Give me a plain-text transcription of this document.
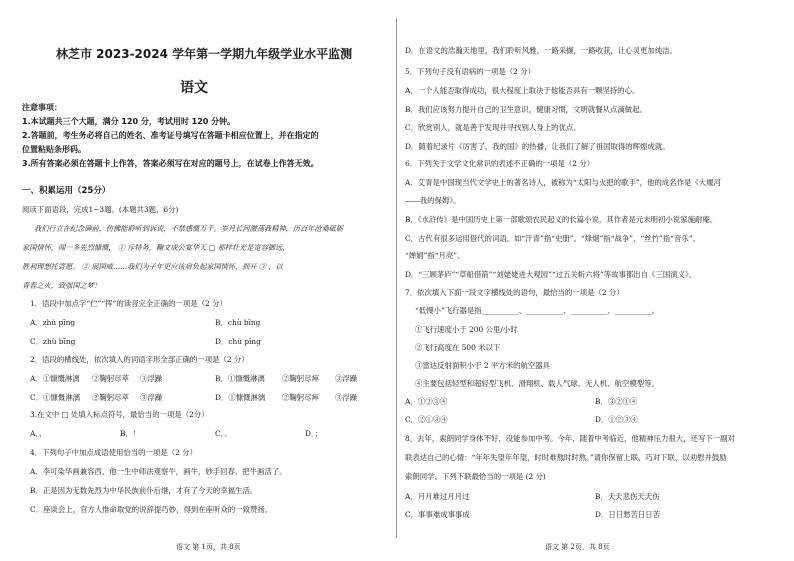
林芝市 2023-2024 学年第一学期九年级学业水平监测
语文
注意事项：
1.本试题共三个大题，满分 120 分，考试用时 120 分钟。
2.答题前，考生务必将自己的姓名、准考证号填写在答题卡相应位置上，并在指定的
位置粘贴条形码。
3.所有答案必须在答题卡上作答，答案必须写在对应的题号上，在试卷上作答无效。
一、积累运用（25分）
阅读下面语段，完成1~3题。(本题共3题，6分)
我们行立在纪念碑前，仿佛能聆听到诉说，不禁感慨万千。岁月长河激荡我精神，历百年沧桑砥砺
家国情怀，闻一多先烈慷慨， ① 斥特务，鞠文成公宴华天 □ 那样壮光是宽容御远，
胜利理想托寄愿。 ② 展国威……我们为子年更应该肩负起家国情怀，拥开 ③ ，以
青春之火，致强国之梦！
1．语段中加点字“伫”“挥”的读音完全正确的一项是（2 分）
A．zhù pīng	B．chù bīng
C．zhù bīng	D．chù pīng
2．语段的横线处，依次填入的词语字形全部正确的一项是（2 分）
A．①慷慨淋漓 ②鞠躬尽萃 ③浮躁	B．①慷慨淋漓 ②鞠躬尽瘁 ③浮躁
C．①慷慨淋漓 ②鞠躬尽萃 ③浮躁	D．①慷慨淋漓 ②鞠躬尽瘁 ③浮躁
3.在文中 □ 处填入标点符号，最恰当的一项是（2分）
A．，	B．！	C．。	D．；
4．下列句子中加点成语使用恰当的一项是（2 分）
A．李可染华画兼容西，他一生中师法观察牛，画牛，妙手回春，把牛画活了。
B．正是因为无数先烈为中华民族前仆后继，才有了今天的幸福生活。
C．座谈会上，官方人惟命取觉的说辞提巧妙，得到在座听众的一致赞扬。
语文 第 1页，共 8页
D．在语文的浩瀚天地里，我们聆听风雅，一路采撷，一路收获，让心灵更加纯洁。
5．下列句子没有语病的一项是（2 分）
A．一个人能否取得成功，很大程度上取决于他能否具有一颗坚持的心。
B．我们应该努力提升自己的卫生意识，健康习惯，文明就餐从点滴做起。
C．欣赏别人，就是善于发现并寻找别人身上的优点。
D．随着纪录片《厉害了，我的国》的热播，让我们了解了祖国取得的辉煌成就。
6．下列关于文学文化常识的表述不正确的一项是（2 分）
A．艾青是中国现当代文学史上的著名诗人，被称为“太阳与火把的歌手”，他的成名作是《大堰河
——我的保姆》。
B．《水浒传》是中国历史上第一部歌颂农民起义的长篇小说，其作者是元末明初小说家施耐庵。
C．古代有很多运用借代的词语，如“汗青”指“史册”、“烽烟”指“战争”、“丝竹”指“音乐”、
“婵娟”指“月亮”。
D．“三顾茅庐”“草船借箭”“刘姥姥进大观园”“过五关斩六将”等故事都出自《三国演义》。
7．依次填入下面一段文字横线处的语句，最恰当的一项是（2 分）
“低慢小”飞行器是指__________、__________、__________、__________。
①飞行速度小于 200 公里/小时
②飞行高度在 500 米以下
③雷达反射面积小于 2 平方米的航空器具
④主要包括轻型和超轻型飞机、滑翔机、载人气球、无人机、航空模型等。
A．①②③④	B．③②①④
C．②①③④	D．①②③④
8．去年，索朗同学身体不好，没能参加中考。今年，随着中考临近，他精神压力很大，还写下一副对
联表达自己的心情：“年年失望年年望，时时难熬时时熬。”请你保留上联，巧对下联，以劝慰并鼓励
索朗同学。下列下联最恰当的一项是 (2 分)
A．月月难过月月过	B．天天悲伤天天伤
C．事事难成事事成	D．日日愁苦日日苦
语文 第 2页，共 8页
